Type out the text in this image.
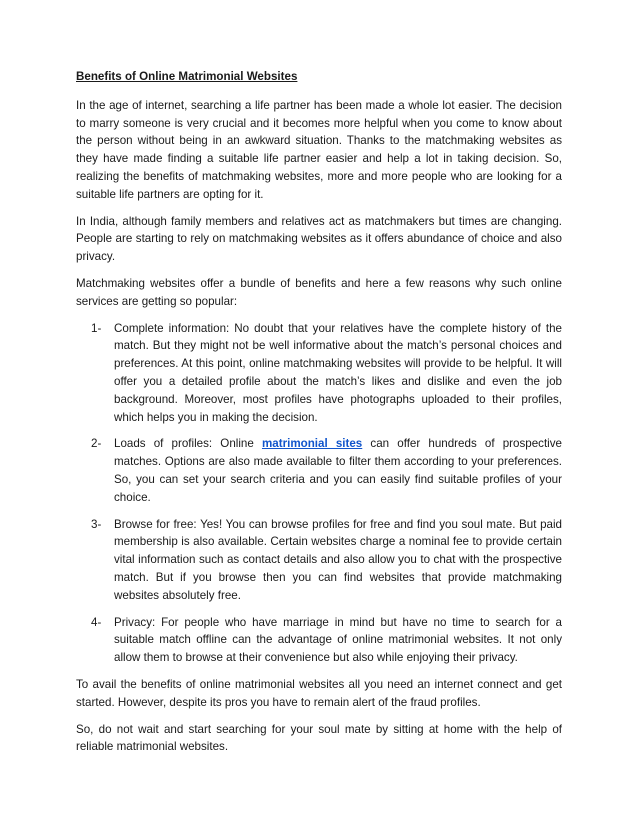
Benefits of Online Matrimonial Websites

In the age of internet, searching a life partner has been made a whole lot easier. The decision to marry someone is very crucial and it becomes more helpful when you come to know about the person without being in an awkward situation. Thanks to the matchmaking websites as they have made finding a suitable life partner easier and help a lot in taking decision. So, realizing the benefits of matchmaking websites, more and more people who are looking for a suitable life partners are opting for it.

In India, although family members and relatives act as matchmakers but times are changing. People are starting to rely on matchmaking websites as it offers abundance of choice and also privacy.

Matchmaking websites offer a bundle of benefits and here a few reasons why such online services are getting so popular:

1- Complete information: No doubt that your relatives have the complete history of the match. But they might not be well informative about the match’s personal choices and preferences. At this point, online matchmaking websites will provide to be helpful. It will offer you a detailed profile about the match’s likes and dislike and even the job background. Moreover, most profiles have photographs uploaded to their profiles, which helps you in making the decision.
2- Loads of profiles: Online matrimonial sites can offer hundreds of prospective matches. Options are also made available to filter them according to your preferences. So, you can set your search criteria and you can easily find suitable profiles of your choice.
3- Browse for free: Yes! You can browse profiles for free and find you soul mate. But paid membership is also available. Certain websites charge a nominal fee to provide certain vital information such as contact details and also allow you to chat with the prospective match. But if you browse then you can find websites that provide matchmaking websites absolutely free.
4- Privacy: For people who have marriage in mind but have no time to search for a suitable match offline can the advantage of online matrimonial websites. It not only allow them to browse at their convenience but also while enjoying their privacy.

To avail the benefits of online matrimonial websites all you need an internet connect and get started. However, despite its pros you have to remain alert of the fraud profiles.

So, do not wait and start searching for your soul mate by sitting at home with the help of reliable matrimonial websites.
